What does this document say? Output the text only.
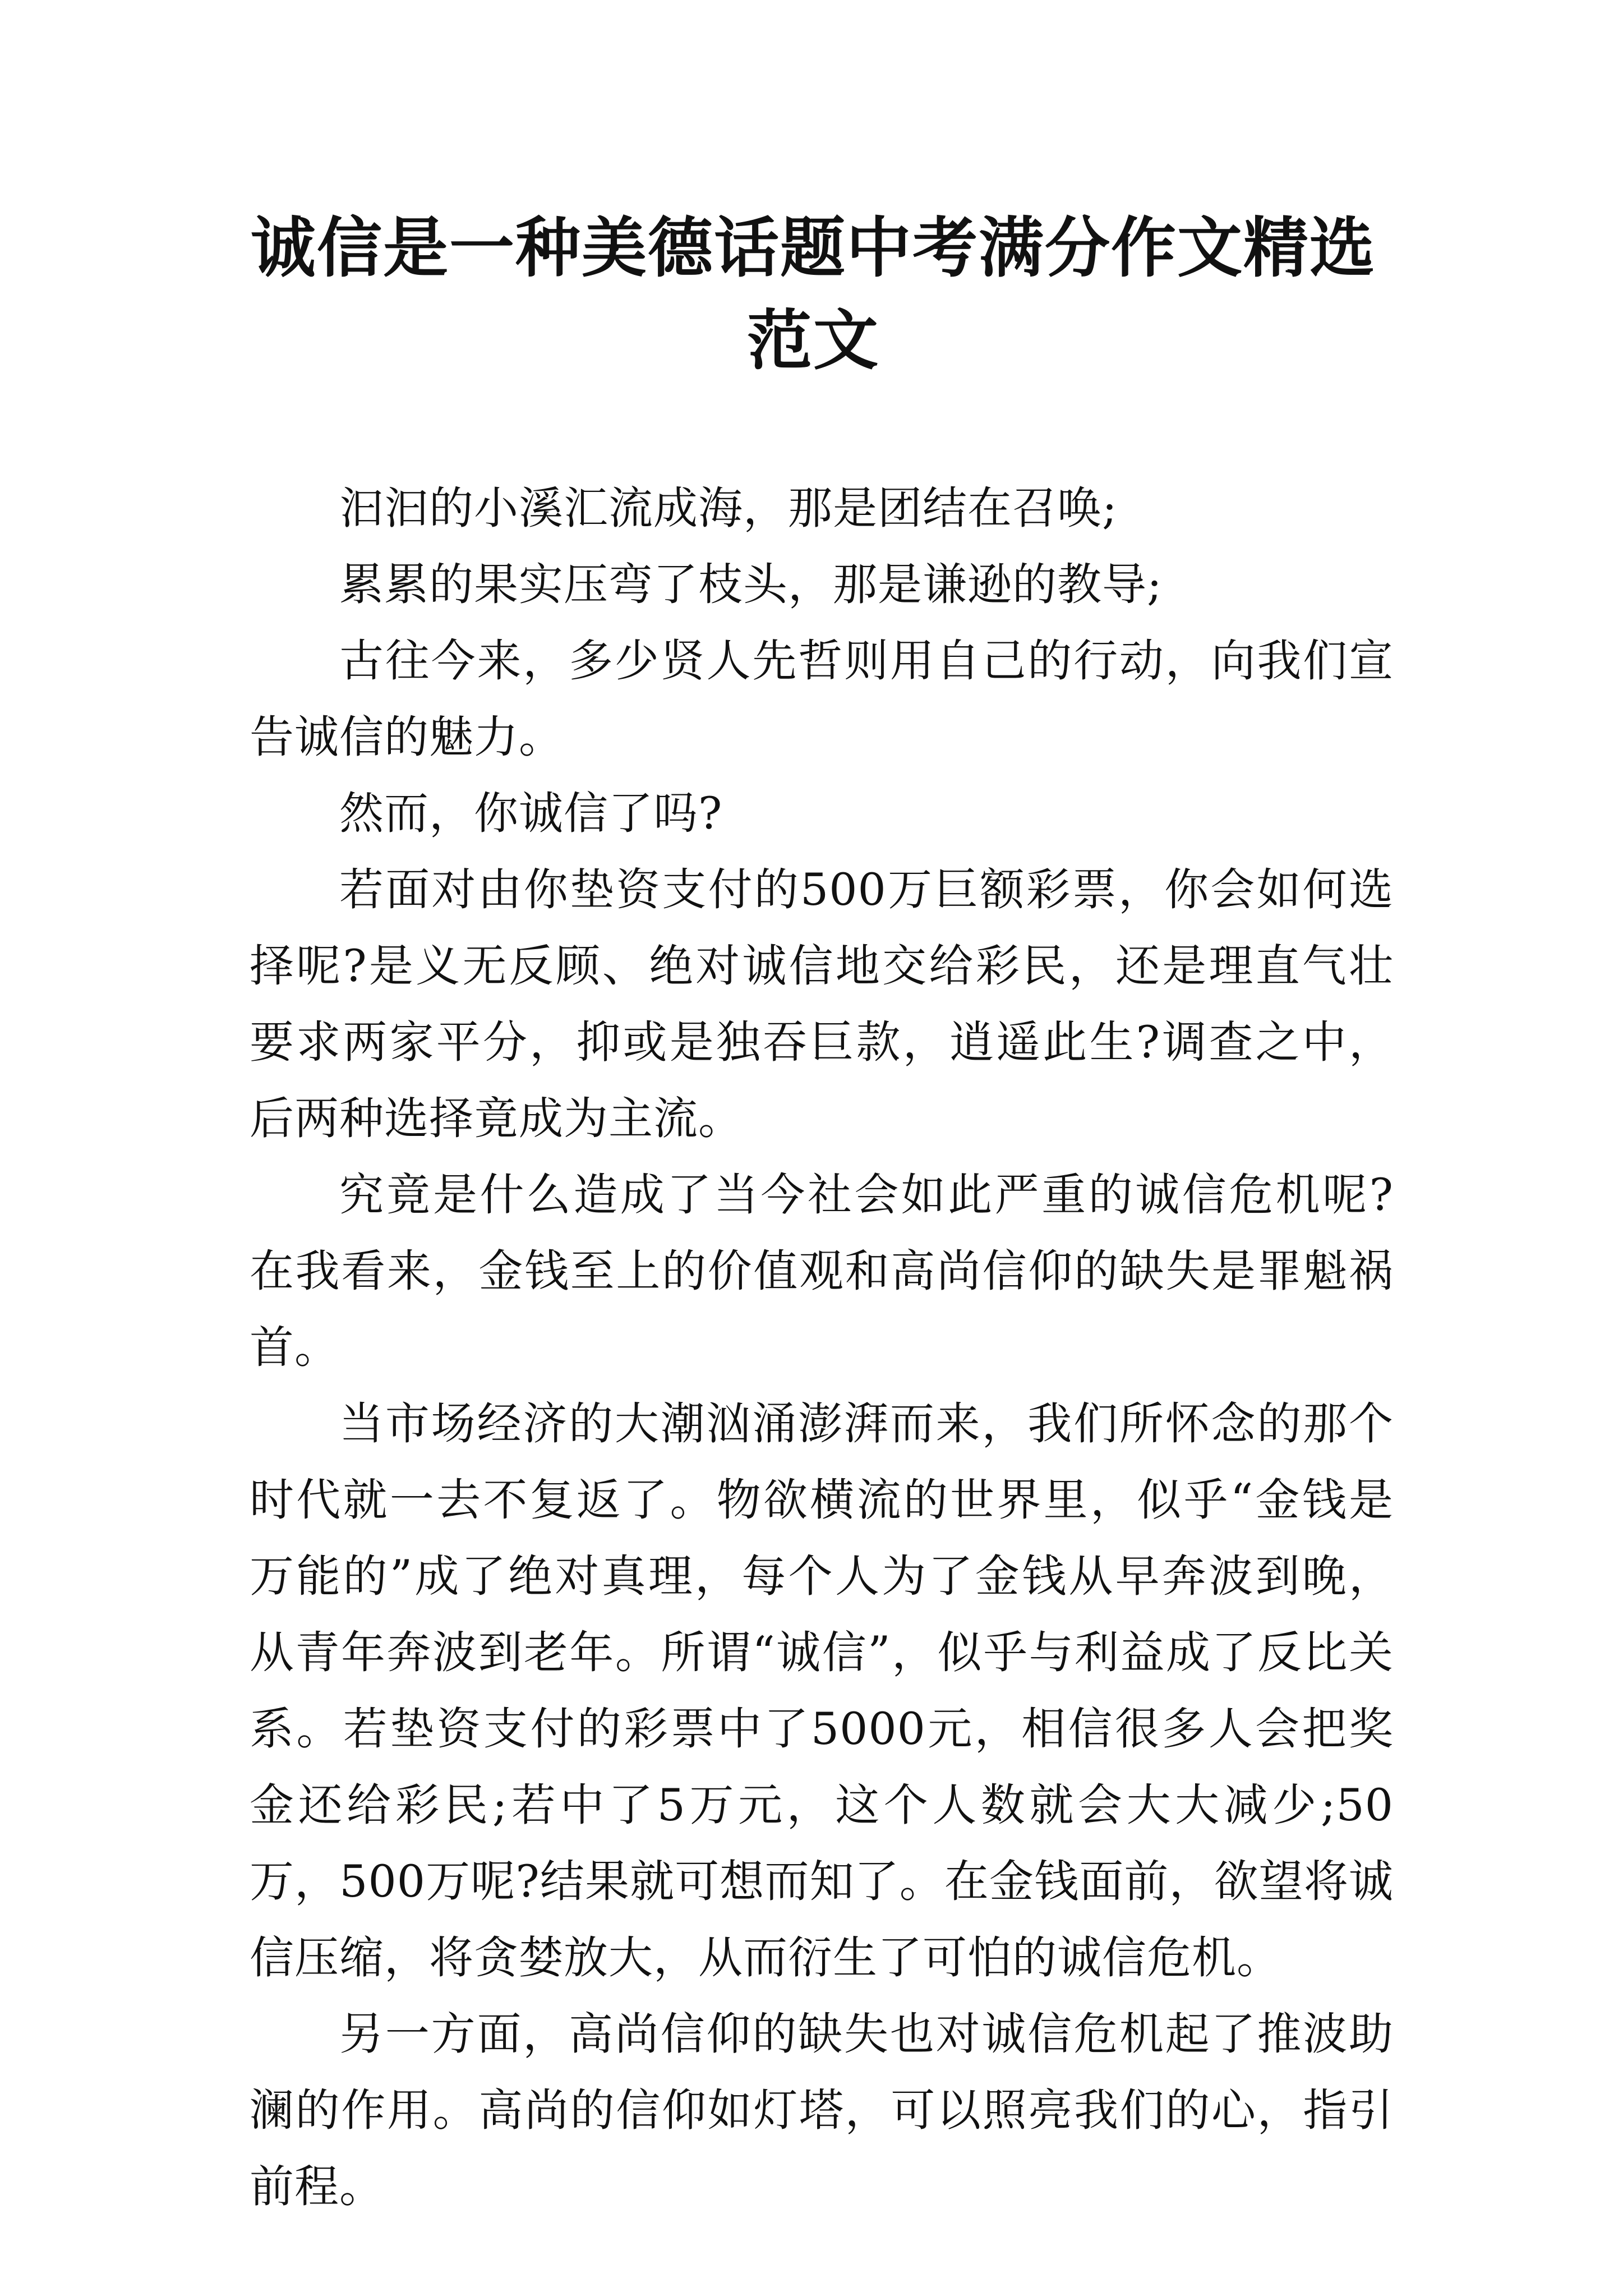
诚信是一种美德话题中考满分作文精选范文

汩汩的小溪汇流成海，那是团结在召唤;

累累的果实压弯了枝头，那是谦逊的教导;

古往今来，多少贤人先哲则用自己的行动，向我们宣告诚信的魅力。

然而，你诚信了吗?

若面对由你垫资支付的500万巨额彩票，你会如何选择呢?是义无反顾、绝对诚信地交给彩民，还是理直气壮要求两家平分，抑或是独吞巨款，逍遥此生?调查之中，后两种选择竟成为主流。

究竟是什么造成了当今社会如此严重的诚信危机呢?在我看来，金钱至上的价值观和高尚信仰的缺失是罪魁祸首。

当市场经济的大潮汹涌澎湃而来，我们所怀念的那个时代就一去不复返了。物欲横流的世界里，似乎“金钱是万能的”成了绝对真理，每个人为了金钱从早奔波到晚，从青年奔波到老年。所谓“诚信”，似乎与利益成了反比关系。若垫资支付的彩票中了5000元，相信很多人会把奖金还给彩民;若中了5万元，这个人数就会大大减少;50万，500万呢?结果就可想而知了。在金钱面前，欲望将诚信压缩，将贪婪放大，从而衍生了可怕的诚信危机。

另一方面，高尚信仰的缺失也对诚信危机起了推波助澜的作用。高尚的信仰如灯塔，可以照亮我们的心，指引前程。
